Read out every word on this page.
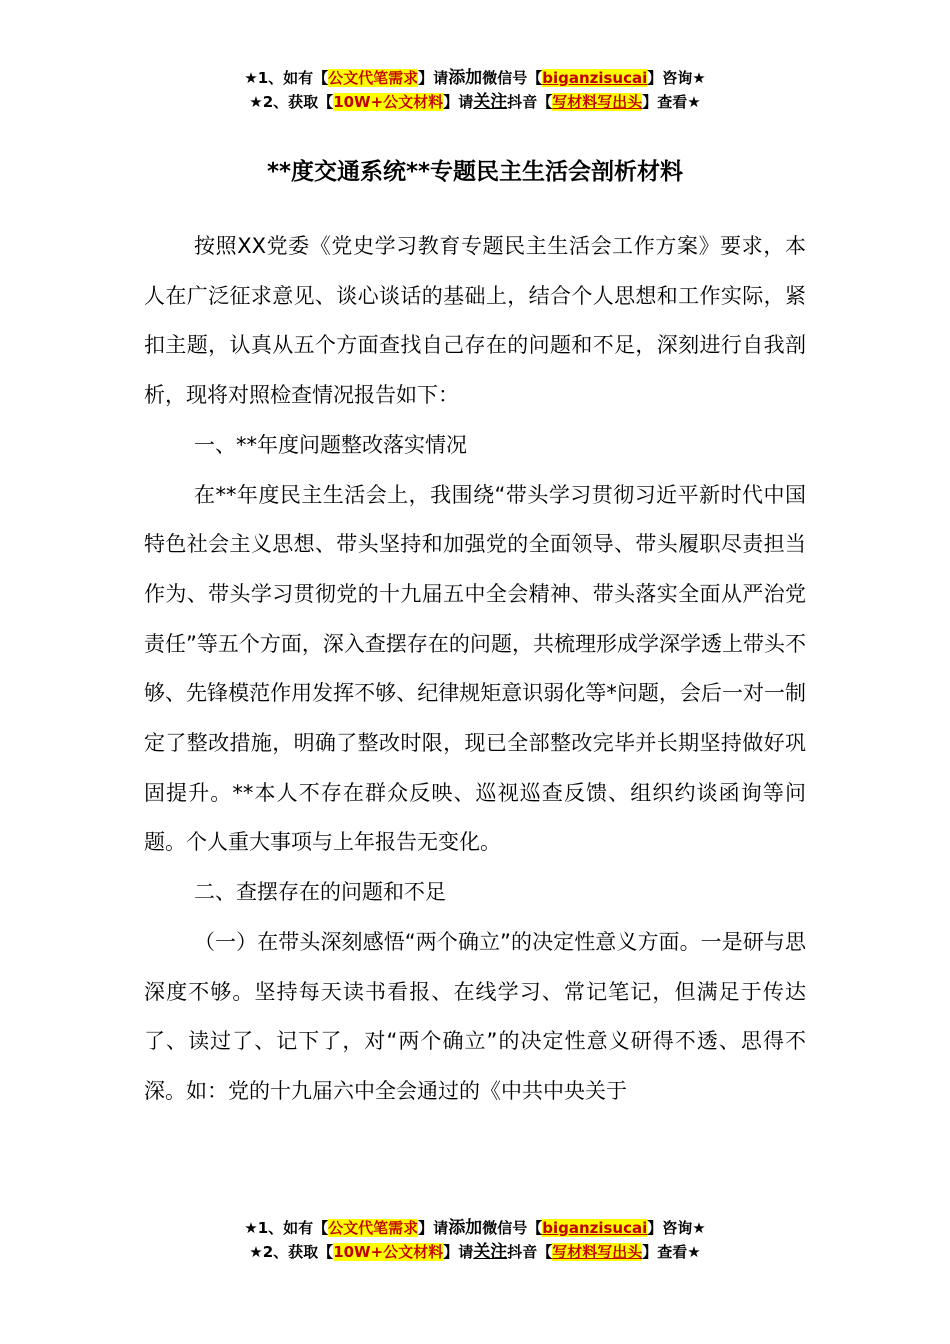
★1、如有【公文代笔需求】请添加微信号【biganzisucai】咨询★
★2、获取【10W+公文材料】请关注抖音【写材料写出头】查看★
**度交通系统**专题民主生活会剖析材料

按照XX党委《党史学习教育专题民主生活会工作方案》要求，本人在广泛征求意见、谈心谈话的基础上，结合个人思想和工作实际，紧扣主题，认真从五个方面查找自己存在的问题和不足，深刻进行自我剖析，现将对照检查情况报告如下：

一、**年度问题整改落实情况

在**年度民主生活会上，我围绕“带头学习贯彻习近平新时代中国特色社会主义思想、带头坚持和加强党的全面领导、带头履职尽责担当作为、带头学习贯彻党的十九届五中全会精神、带头落实全面从严治党责任”等五个方面，深入查摆存在的问题，共梳理形成学深学透上带头不够、先锋模范作用发挥不够、纪律规矩意识弱化等*问题，会后一对一制定了整改措施，明确了整改时限，现已全部整改完毕并长期坚持做好巩固提升。**本人不存在群众反映、巡视巡查反馈、组织约谈函询等问题。个人重大事项与上年报告无变化。

二、查摆存在的问题和不足

（一）在带头深刻感悟“两个确立”的决定性意义方面。一是研与思深度不够。坚持每天读书看报、在线学习、常记笔记，但满足于传达了、读过了、记下了，对“两个确立”的决定性意义研得不透、思得不深。如：党的十九届六中全会通过的《中共中央关于

★1、如有【公文代笔需求】请添加微信号【biganzisucai】咨询★
★2、获取【10W+公文材料】请关注抖音【写材料写出头】查看★
